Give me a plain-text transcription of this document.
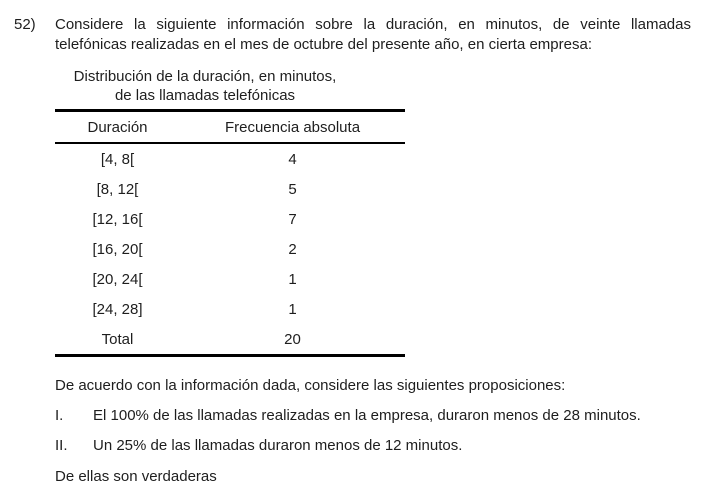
52) Considere la siguiente información sobre la duración, en minutos, de veinte llamadas telefónicas realizadas en el mes de octubre del presente año, en cierta empresa:
Distribución de la duración, en minutos,
de las llamadas telefónicas
Duración	Frecuencia absoluta
[4, 8[	4
[8, 12[	5
[12, 16[	7
[16, 20[	2
[20, 24[	1
[24, 28]	1
Total	20
De acuerdo con la información dada, considere las siguientes proposiciones:
I. El 100% de las llamadas realizadas en la empresa, duraron menos de 28 minutos.
II. Un 25% de las llamadas duraron menos de 12 minutos.
De ellas son verdaderas
